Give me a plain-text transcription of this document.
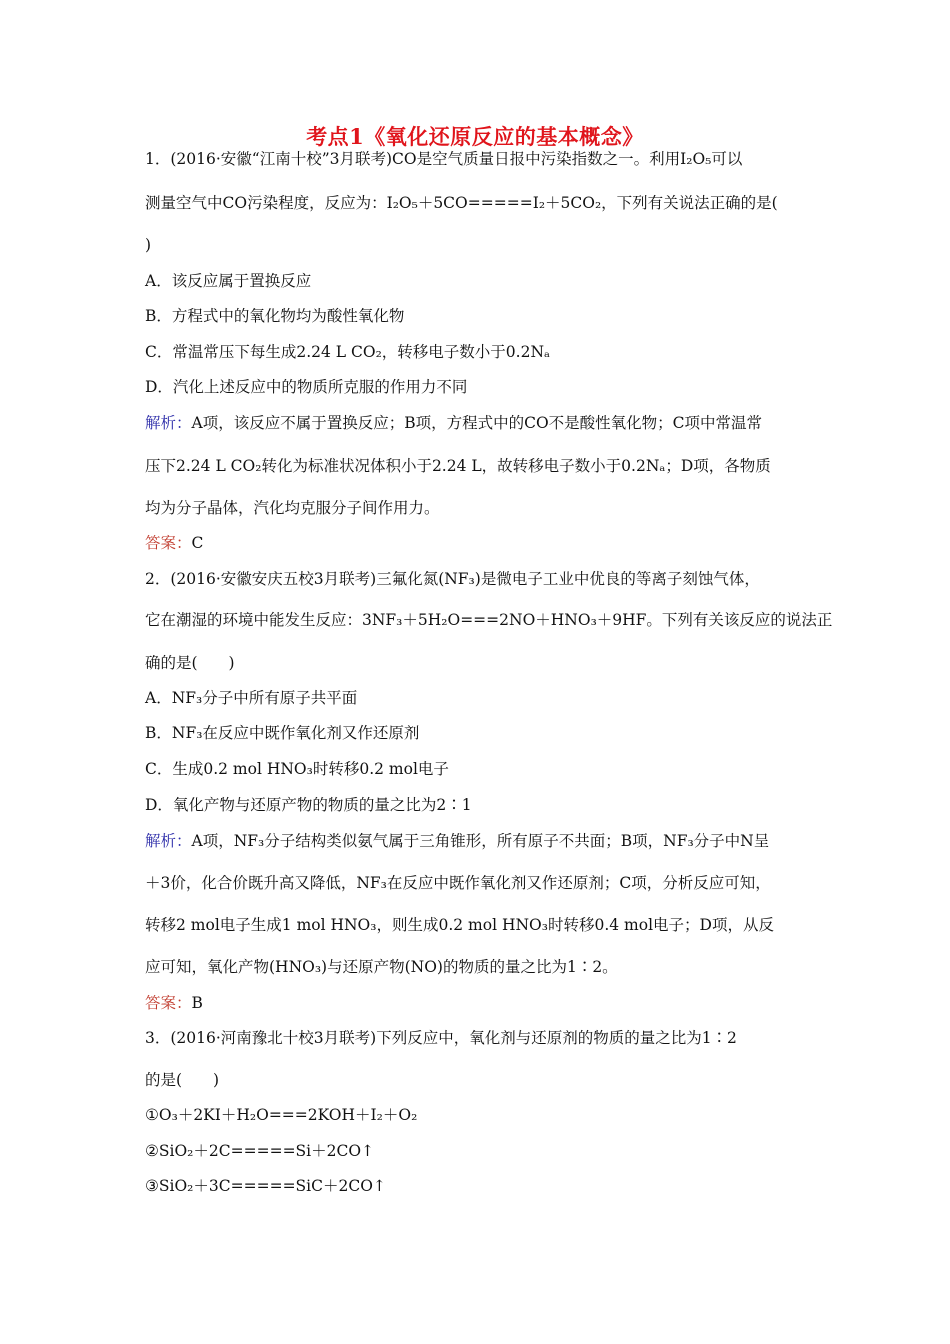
考点1《氧化还原反应的基本概念》
1．(2016·安徽“江南十校”3月联考)CO是空气质量日报中污染指数之一。利用I₂O₅可以
测量空气中CO污染程度，反应为：I₂O₅＋5CO=====I₂＋5CO₂，下列有关说法正确的是(
)
A．该反应属于置换反应
B．方程式中的氧化物均为酸性氧化物
C．常温常压下每生成2.24 L CO₂，转移电子数小于0.2Nₐ
D．汽化上述反应中的物质所克服的作用力不同
解析：A项，该反应不属于置换反应；B项，方程式中的CO不是酸性氧化物；C项中常温常
压下2.24 L CO₂转化为标准状况体积小于2.24 L，故转移电子数小于0.2Nₐ；D项，各物质
均为分子晶体，汽化均克服分子间作用力。
答案：C
2．(2016·安徽安庆五校3月联考)三氟化氮(NF₃)是微电子工业中优良的等离子刻蚀气体，
它在潮湿的环境中能发生反应：3NF₃＋5H₂O===2NO＋HNO₃＋9HF。下列有关该反应的说法正
确的是(　　)
A．NF₃分子中所有原子共平面
B．NF₃在反应中既作氧化剂又作还原剂
C．生成0.2 mol HNO₃时转移0.2 mol电子
D．氧化产物与还原产物的物质的量之比为2∶1
解析：A项，NF₃分子结构类似氨气属于三角锥形，所有原子不共面；B项，NF₃分子中N呈
＋3价，化合价既升高又降低，NF₃在反应中既作氧化剂又作还原剂；C项，分析反应可知，
转移2 mol电子生成1 mol HNO₃，则生成0.2 mol HNO₃时转移0.4 mol电子；D项，从反
应可知，氧化产物(HNO₃)与还原产物(NO)的物质的量之比为1∶2。
答案：B
3．(2016·河南豫北十校3月联考)下列反应中，氧化剂与还原剂的物质的量之比为1∶2
的是(　　)
①O₃＋2KI＋H₂O===2KOH＋I₂＋O₂
②SiO₂＋2C=====Si＋2CO↑
③SiO₂＋3C=====SiC＋2CO↑
